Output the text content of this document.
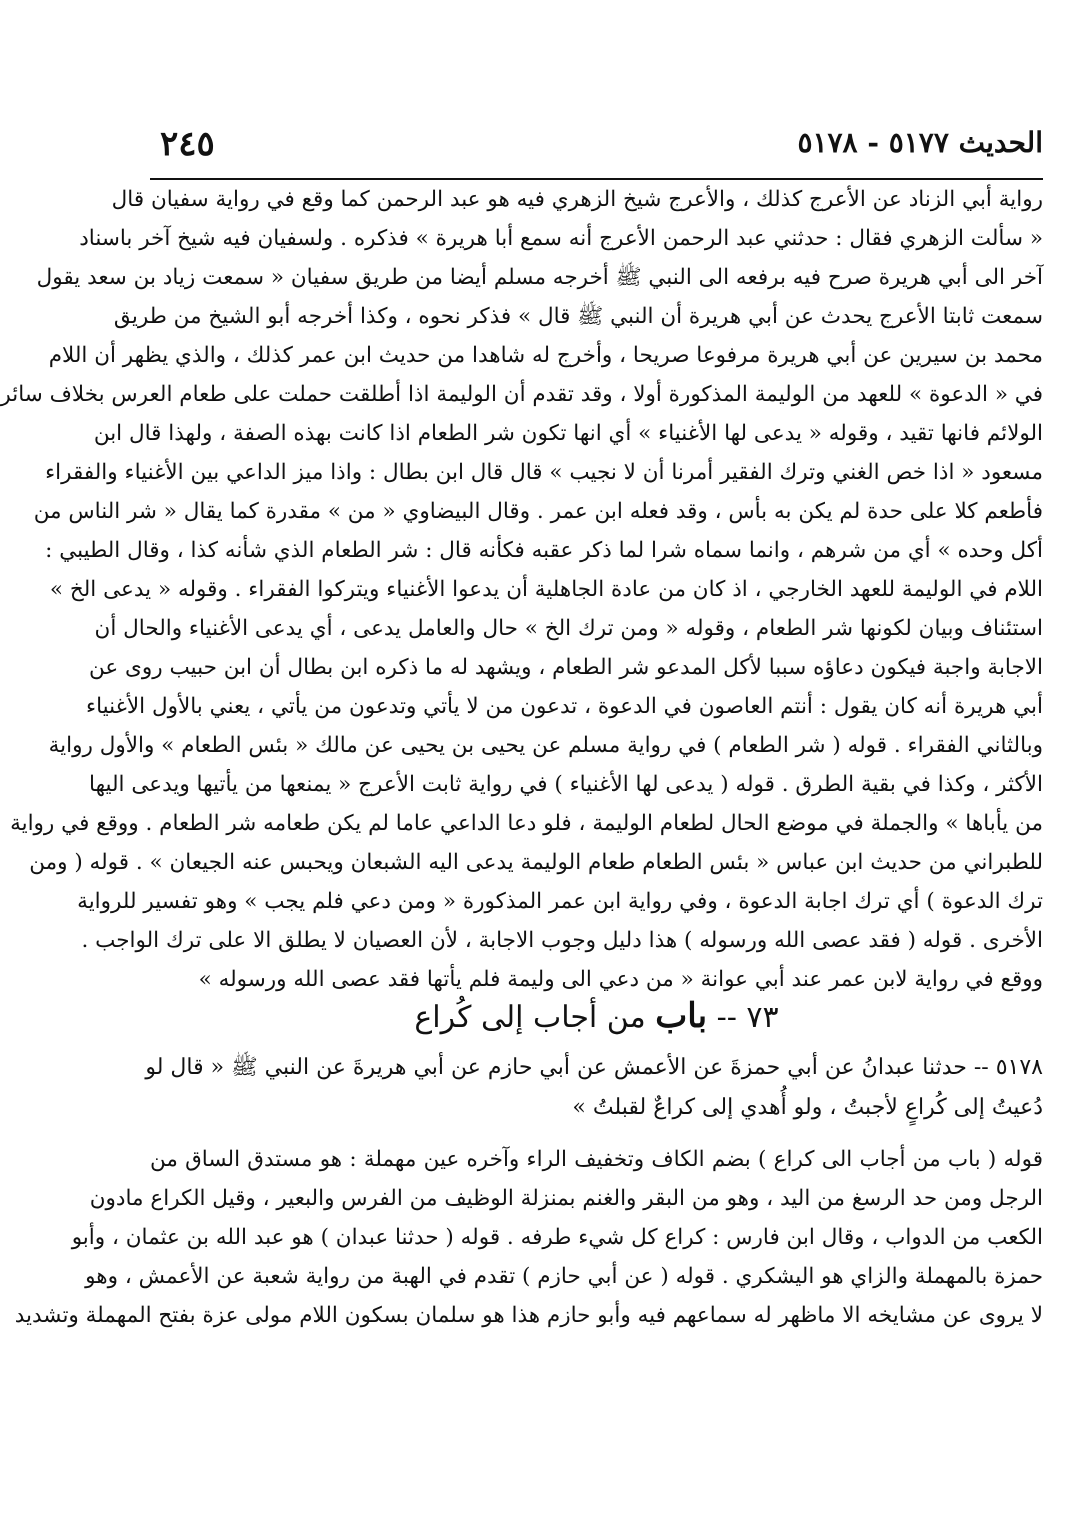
الحديث ٥١٧٧ - ٥١٧٨
٢٤٥
رواية أبي الزناد عن الأعرج كذلك ، والأعرج شيخ الزهري فيه هو عبد الرحمن كما وقع في رواية سفيان قال
« سألت الزهري فقال : حدثني عبد الرحمن الأعرج أنه سمع أبا هريرة » فذكره . ولسفيان فيه شيخ آخر باسناد
آخر الى أبي هريرة صرح فيه برفعه الى النبي ﷺ أخرجه مسلم أيضا من طريق سفيان « سمعت زياد بن سعد يقول
سمعت ثابتا الأعرج يحدث عن أبي هريرة أن النبي ﷺ قال » فذكر نحوه ، وكذا أخرجه أبو الشيخ من طريق
محمد بن سيرين عن أبي هريرة مرفوعا صريحا ، وأخرج له شاهدا من حديث ابن عمر كذلك ، والذي يظهر أن اللام
في « الدعوة » للعهد من الوليمة المذكورة أولا ، وقد تقدم أن الوليمة اذا أطلقت حملت على طعام العرس بخلاف سائر
الولائم فانها تقيد ، وقوله « يدعى لها الأغنياء » أي انها تكون شر الطعام اذا كانت بهذه الصفة ، ولهذا قال ابن
مسعود « اذا خص الغني وترك الفقير أمرنا أن لا نجيب » قال قال ابن بطال : واذا ميز الداعي بين الأغنياء والفقراء
فأطعم كلا على حدة لم يكن به بأس ، وقد فعله ابن عمر . وقال البيضاوي « من » مقدرة كما يقال « شر الناس من
أكل وحده » أي من شرهم ، وانما سماه شرا لما ذكر عقبه فكأنه قال : شر الطعام الذي شأنه كذا ، وقال الطيبي :
اللام في الوليمة للعهد الخارجي ، اذ كان من عادة الجاهلية أن يدعوا الأغنياء ويتركوا الفقراء . وقوله « يدعى الخ »
استئناف وبيان لكونها شر الطعام ، وقوله « ومن ترك الخ » حال والعامل يدعى ، أي يدعى الأغنياء والحال أن
الاجابة واجبة فيكون دعاؤه سببا لأكل المدعو شر الطعام ، ويشهد له ما ذكره ابن بطال أن ابن حبيب روى عن
أبي هريرة أنه كان يقول : أنتم العاصون في الدعوة ، تدعون من لا يأتي وتدعون من يأتي ، يعني بالأول الأغنياء
وبالثاني الفقراء . قوله ( شر الطعام ) في رواية مسلم عن يحيى بن يحيى عن مالك « بئس الطعام » والأول رواية
الأكثر ، وكذا في بقية الطرق . قوله ( يدعى لها الأغنياء ) في رواية ثابت الأعرج « يمنعها من يأتيها ويدعى اليها
من يأباها » والجملة في موضع الحال لطعام الوليمة ، فلو دعا الداعي عاما لم يكن طعامه شر الطعام . ووقع في رواية
للطبراني من حديث ابن عباس « بئس الطعام طعام الوليمة يدعى اليه الشبعان ويحبس عنه الجيعان » . قوله ( ومن
ترك الدعوة ) أي ترك اجابة الدعوة ، وفي رواية ابن عمر المذكورة « ومن دعي فلم يجب » وهو تفسير للرواية
الأخرى . قوله ( فقد عصى الله ورسوله ) هذا دليل وجوب الاجابة ، لأن العصيان لا يطلق الا على ترك الواجب .
ووقع في رواية لابن عمر عند أبي عوانة « من دعي الى وليمة فلم يأتها فقد عصى الله ورسوله »
٧٣ -- باب من أجاب إلى كُراع
٥١٧٨ -- حدثنا عبدانُ عن أبي حمزةَ عن الأعمش عن أبي حازم عن أبي هريرةَ عن النبي ﷺ « قال لو
دُعيتُ إلى كُراعٍ لأجبتُ ، ولو أُهدي إلى كراعٌ لقبلتُ »
قوله ( باب من أجاب الى كراع ) بضم الكاف وتخفيف الراء وآخره عين مهملة : هو مستدق الساق من
الرجل ومن حد الرسغ من اليد ، وهو من البقر والغنم بمنزلة الوظيف من الفرس والبعير ، وقيل الكراع مادون
الكعب من الدواب ، وقال ابن فارس : كراع كل شيء طرفه . قوله ( حدثنا عبدان ) هو عبد الله بن عثمان ، وأبو
حمزة بالمهملة والزاي هو اليشكري . قوله ( عن أبي حازم ) تقدم في الهبة من رواية شعبة عن الأعمش ، وهو
لا يروى عن مشايخه الا ماظهر له سماعهم فيه وأبو حازم هذا هو سلمان بسكون اللام مولى عزة بفتح المهملة وتشديد
